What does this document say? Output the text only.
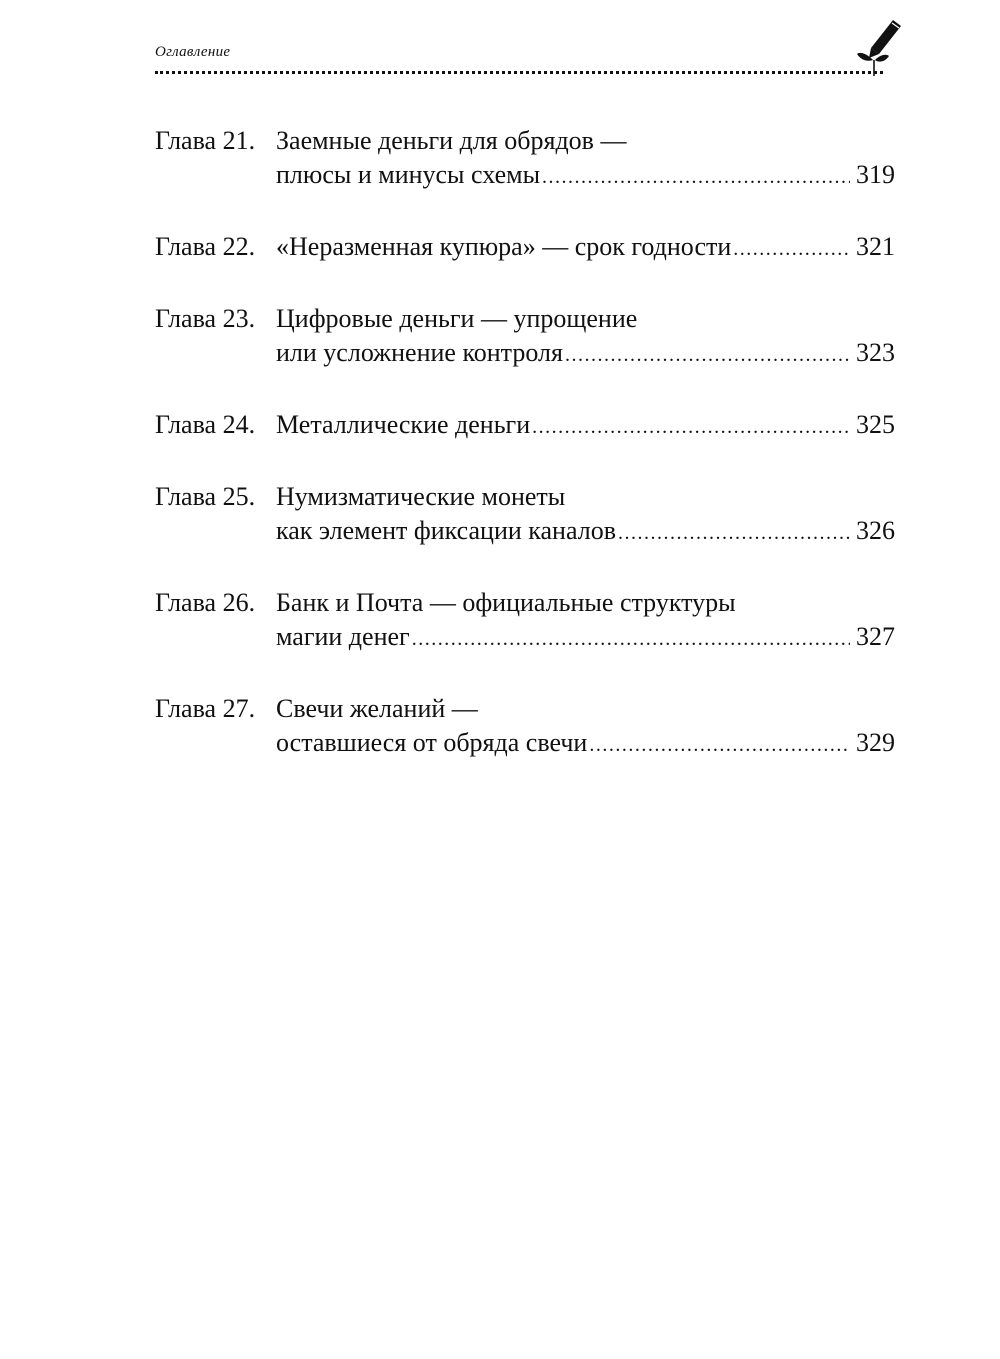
Оглавление
Глава 21. Заемные деньги для обрядов —
плюсы и минусы схемы .....	319
Глава 22. «Неразменная купюра» — срок годности .....	321
Глава 23. Цифровые деньги — упрощение
или усложнение контроля .....	323
Глава 24. Металлические деньги .....	325
Глава 25. Нумизматические монеты
как элемент фиксации каналов .....	326
Глава 26. Банк и Почта — официальные структуры
магии денег .....	327
Глава 27. Свечи желаний —
оставшиеся от обряда свечи .....	329
